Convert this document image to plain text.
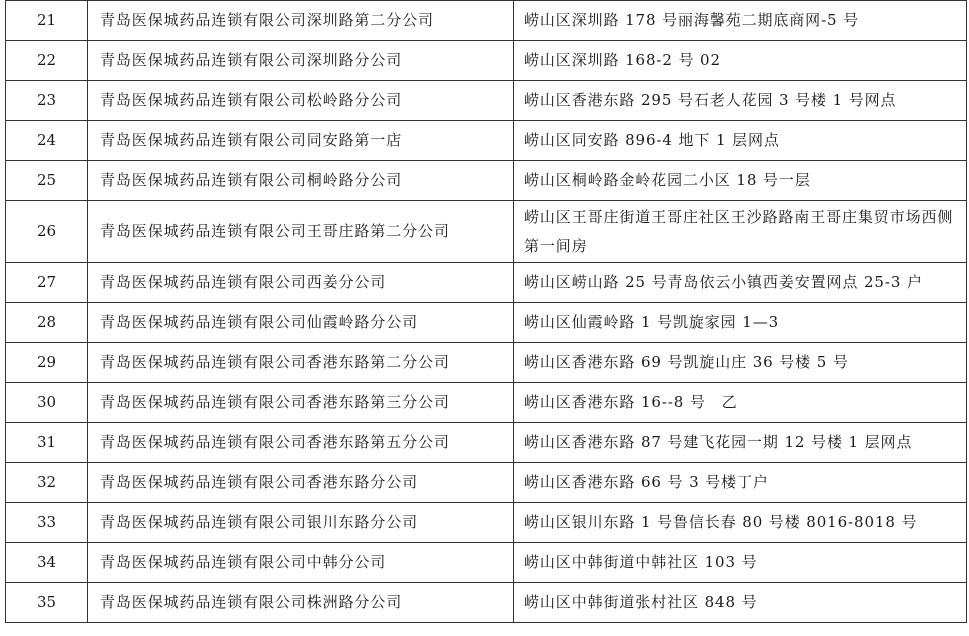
21	青岛医保城药品连锁有限公司深圳路第二分公司	崂山区深圳路 178 号丽海馨苑二期底商网-5 号
22	青岛医保城药品连锁有限公司深圳路分公司	崂山区深圳路 168-2 号 02
23	青岛医保城药品连锁有限公司松岭路分公司	崂山区香港东路 295 号石老人花园 3 号楼 1 号网点
24	青岛医保城药品连锁有限公司同安路第一店	崂山区同安路 896-4 地下 1 层网点
25	青岛医保城药品连锁有限公司桐岭路分公司	崂山区桐岭路金岭花园二小区 18 号一层
26	青岛医保城药品连锁有限公司王哥庄路第二分公司	崂山区王哥庄街道王哥庄社区王沙路路南王哥庄集贸市场西侧第一间房
27	青岛医保城药品连锁有限公司西姜分公司	崂山区崂山路 25 号青岛依云小镇西姜安置网点 25-3 户
28	青岛医保城药品连锁有限公司仙霞岭路分公司	崂山区仙霞岭路 1 号凯旋家园 1—3
29	青岛医保城药品连锁有限公司香港东路第二分公司	崂山区香港东路 69 号凯旋山庄 36 号楼 5 号
30	青岛医保城药品连锁有限公司香港东路第三分公司	崂山区香港东路 16--8 号　乙
31	青岛医保城药品连锁有限公司香港东路第五分公司	崂山区香港东路 87 号建飞花园一期 12 号楼 1 层网点
32	青岛医保城药品连锁有限公司香港东路分公司	崂山区香港东路 66 号 3 号楼丁户
33	青岛医保城药品连锁有限公司银川东路分公司	崂山区银川东路 1 号鲁信长春 80 号楼 8016-8018 号
34	青岛医保城药品连锁有限公司中韩分公司	崂山区中韩街道中韩社区 103 号
35	青岛医保城药品连锁有限公司株洲路分公司	崂山区中韩街道张村社区 848 号
